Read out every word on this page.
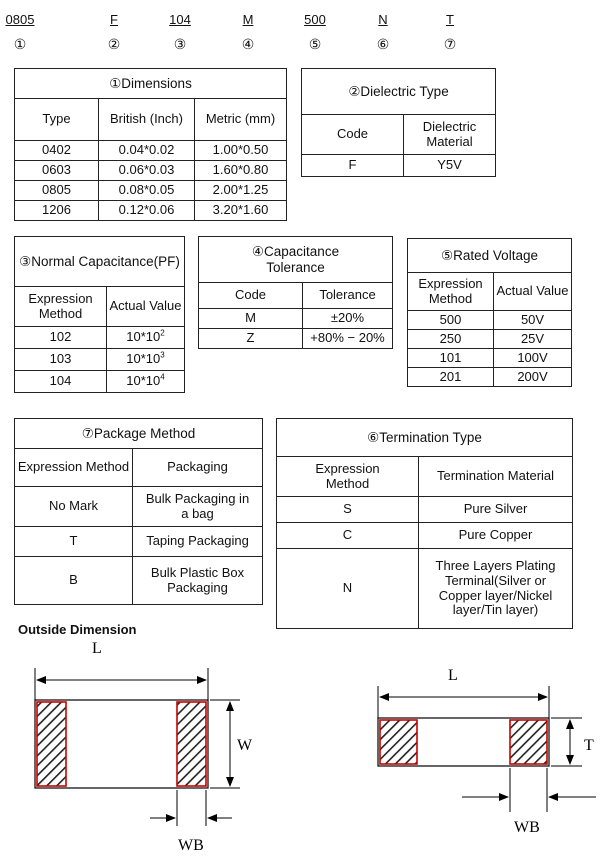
0805	F	104	M	500	N	T
①	②	③	④	⑤	⑥	⑦
①Dimensions		
Type	British (Inch)	Metric (mm)
0402	0.04*0.02	1.00*0.50
0603	0.06*0.03	1.60*0.80
0805	0.08*0.05	2.00*1.25
1206	0.12*0.06	3.20*1.60
②Dielectric Type	
Code	Dielectric Material
F	Y5V
③Normal Capacitance(PF)	
Expression Method	Actual Value
102	$10*10^2$
103	$10*10^3$
104	$10*10^4$
④Capacitance Tolerance	
Code	Tolerance
M	±20%
Z	+80% − 20%
⑤Rated Voltage	
Expression Method	Actual Value
500	50V
250	25V
101	100V
201	200V
⑦Package Method	
Expression Method	Packaging
No Mark	Bulk Packaging in a bag
T	Taping Packaging
B	Bulk Plastic Box Packaging
⑥Termination Type	
Expression Method	Termination Material
S	Pure Silver
C	Pure Copper
N	Three Layers Plating Terminal(Silver or Copper layer/Nickel layer/Tin layer)
Outside Dimension
L
W
WB
L
T
WB
